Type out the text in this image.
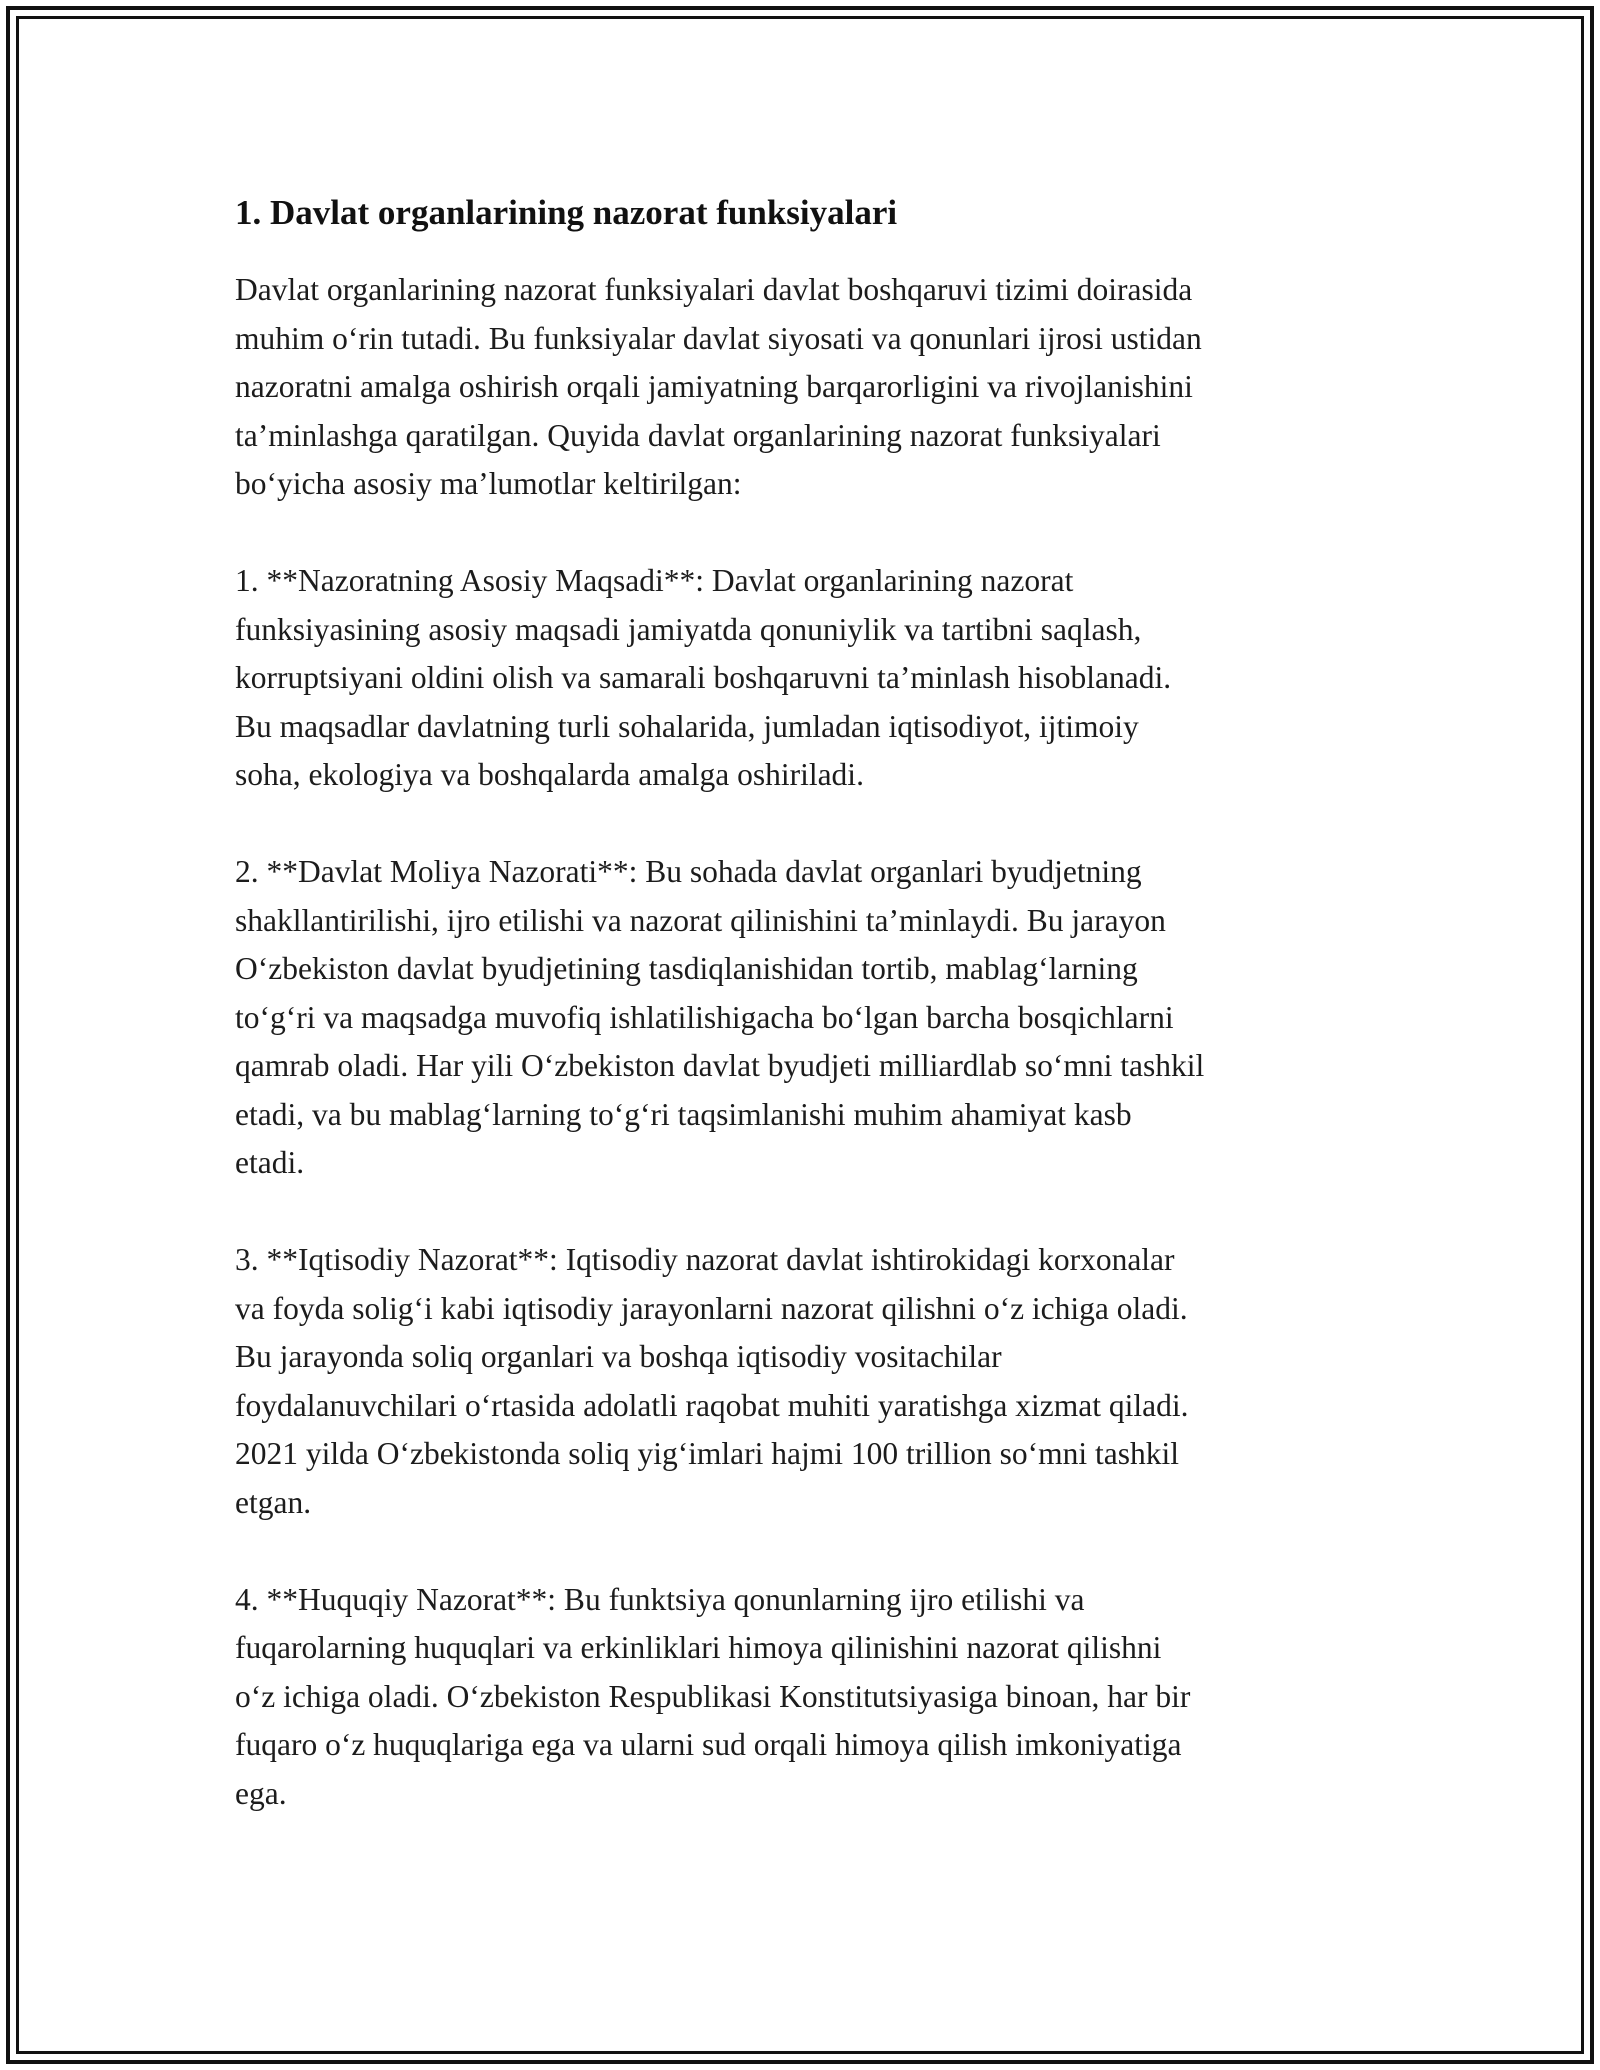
1. Davlat organlarining nazorat funksiyalari

Davlat organlarining nazorat funksiyalari davlat boshqaruvi tizimi doirasida
muhim oʻrin tutadi. Bu funksiyalar davlat siyosati va qonunlari ijrosi ustidan
nazoratni amalga oshirish orqali jamiyatning barqarorligini va rivojlanishini
taʼminlashga qaratilgan. Quyida davlat organlarining nazorat funksiyalari
boʻyicha asosiy maʼlumotlar keltirilgan:

1. **Nazoratning Asosiy Maqsadi**: Davlat organlarining nazorat
funksiyasining asosiy maqsadi jamiyatda qonuniylik va tartibni saqlash,
korruptsiyani oldini olish va samarali boshqaruvni taʼminlash hisoblanadi.
Bu maqsadlar davlatning turli sohalarida, jumladan iqtisodiyot, ijtimoiy
soha, ekologiya va boshqalarda amalga oshiriladi.

2. **Davlat Moliya Nazorati**: Bu sohada davlat organlari byudjetning
shakllantirilishi, ijro etilishi va nazorat qilinishini taʼminlaydi. Bu jarayon
Oʻzbekiston davlat byudjetining tasdiqlanishidan tortib, mablagʻlarning
toʻgʻri va maqsadga muvofiq ishlatilishigacha boʻlgan barcha bosqichlarni
qamrab oladi. Har yili Oʻzbekiston davlat byudjeti milliardlab soʻmni tashkil
etadi, va bu mablagʻlarning toʻgʻri taqsimlanishi muhim ahamiyat kasb
etadi.

3. **Iqtisodiy Nazorat**: Iqtisodiy nazorat davlat ishtirokidagi korxonalar
va foyda soligʻi kabi iqtisodiy jarayonlarni nazorat qilishni oʻz ichiga oladi.
Bu jarayonda soliq organlari va boshqa iqtisodiy vositachilar
foydalanuvchilari oʻrtasida adolatli raqobat muhiti yaratishga xizmat qiladi.
2021 yilda Oʻzbekistonda soliq yigʻimlari hajmi 100 trillion soʻmni tashkil
etgan.

4. **Huquqiy Nazorat**: Bu funktsiya qonunlarning ijro etilishi va
fuqarolarning huquqlari va erkinliklari himoya qilinishini nazorat qilishni
oʻz ichiga oladi. Oʻzbekiston Respublikasi Konstitutsiyasiga binoan, har bir
fuqaro oʻz huquqlariga ega va ularni sud orqali himoya qilish imkoniyatiga
ega.
